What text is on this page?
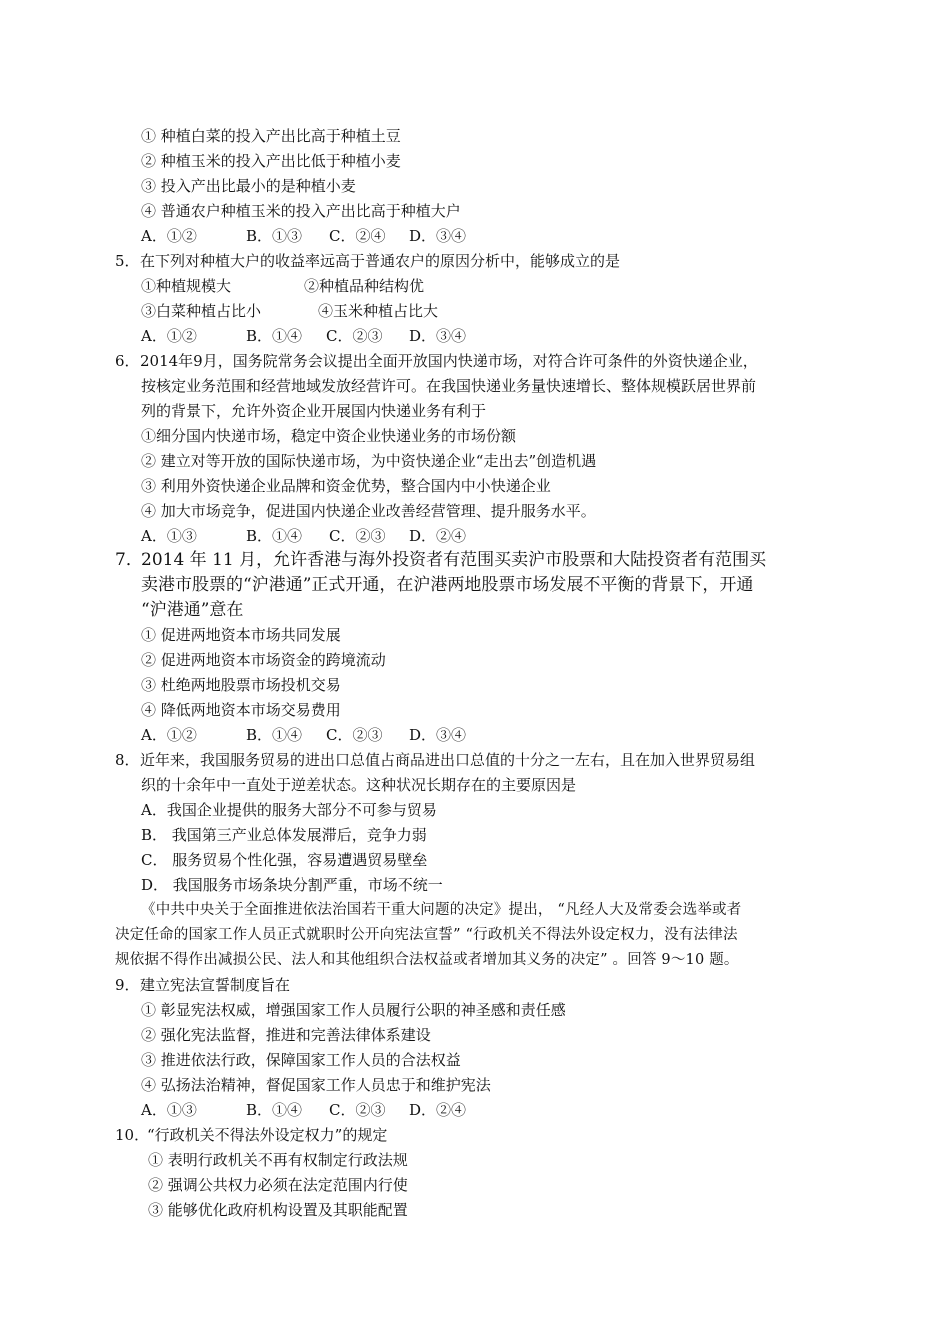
① 种植白菜的投入产出比高于种植土豆
② 种植玉米的投入产出比低于种植小麦
③ 投入产出比最小的是种植小麦
④ 普通农户种植玉米的投入产出比高于种植大户
A．①②	B．①③ C．②④ D．③④
5．在下列对种植大户的收益率远高于普通农户的原因分析中，能够成立的是
①种植规模大	②种植品种结构优
③白菜种植占比小	④玉米种植占比大
A．①②	B．①④ C．②③ D．③④
6．2014年9月，国务院常务会议提出全面开放国内快递市场，对符合许可条件的外资快递企业，
按核定业务范围和经营地域发放经营许可。在我国快递业务量快速增长、整体规模跃居世界前
列的背景下，允许外资企业开展国内快递业务有利于
①细分国内快递市场，稳定中资企业快递业务的市场份额
② 建立对等开放的国际快递市场，为中资快递企业“走出去”创造机遇
③ 利用外资快递企业品牌和资金优势，整合国内中小快递企业
④ 加大市场竞争，促进国内快递企业改善经营管理、提升服务水平。
A．①③	B．①④ C．②③ D．②④
7．2014 年 11 月，允许香港与海外投资者有范围买卖沪市股票和大陆投资者有范围买
卖港市股票的“沪港通”正式开通，在沪港两地股票市场发展不平衡的背景下，开通
“沪港通”意在
① 促进两地资本市场共同发展
② 促进两地资本市场资金的跨境流动
③ 杜绝两地股票市场投机交易
④ 降低两地资本市场交易费用
A．①②	B．①④ C．②③ D．③④
8．近年来，我国服务贸易的进出口总值占商品进出口总值的十分之一左右，且在加入世界贸易组
织的十余年中一直处于逆差状态。这种状况长期存在的主要原因是
A．我国企业提供的服务大部分不可参与贸易
B． 我国第三产业总体发展滞后，竞争力弱
C． 服务贸易个性化强，容易遭遇贸易壁垒
D． 我国服务市场条块分割严重，市场不统一
《中共中央关于全面推进依法治国若干重大问题的决定》提出， “凡经人大及常委会选举或者
决定任命的国家工作人员正式就职时公开向宪法宣誓” “行政机关不得法外设定权力，没有法律法
规依据不得作出减损公民、法人和其他组织合法权益或者增加其义务的决定” 。回答 9～10 题。
9．建立宪法宣誓制度旨在
① 彰显宪法权威，增强国家工作人员履行公职的神圣感和责任感
② 强化宪法监督，推进和完善法律体系建设
③ 推进依法行政，保障国家工作人员的合法权益
④ 弘扬法治精神，督促国家工作人员忠于和维护宪法
A．①③	B．①④ C．②③ D．②④
10．“行政机关不得法外设定权力”的规定
① 表明行政机关不再有权制定行政法规
② 强调公共权力必须在法定范围内行使
③ 能够优化政府机构设置及其职能配置
